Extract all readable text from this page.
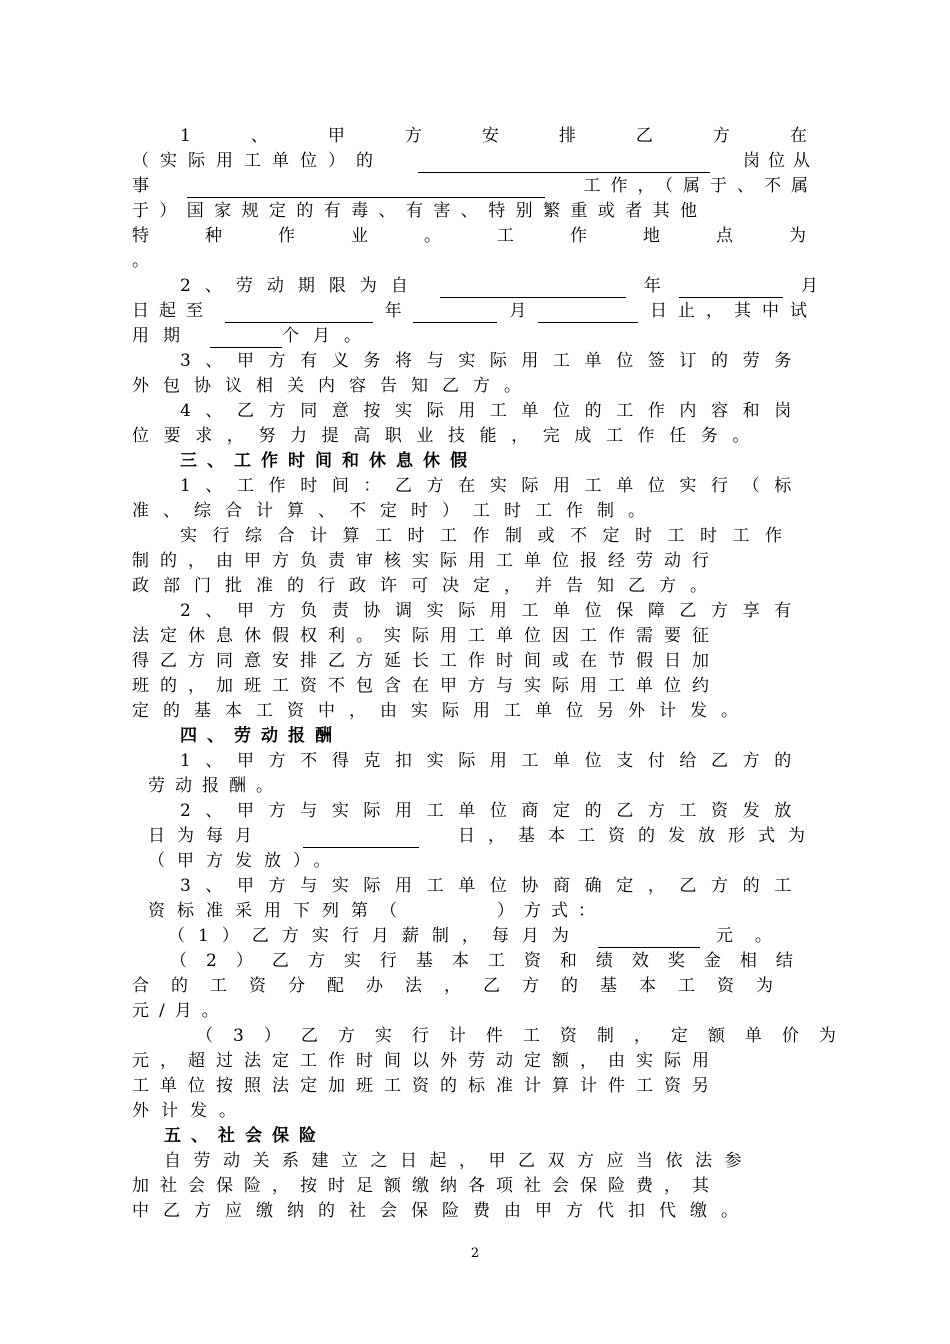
1、甲方安排乙方在
（实际用工单位）的	岗位从
事	工作，（属于、不属
于）国家规定的有毒、有害、特别繁重或者其他
特种作业。工作地点为
。
2、劳动期限为自	年	月
日起至	年	月	日止，其中试
用期	个月。
3、甲方有义务将与实际用工单位签订的劳务
外包协议相关内容告知乙方。
4、乙方同意按实际用工单位的工作内容和岗
位要求，努力提高职业技能，完成工作任务。
三、工作时间和休息休假
1、工作时间：乙方在实际用工单位实行（标
准、综合计算、不定时）工时工作制。
实行综合计算工时工作制或不定时工时工作
制的，由甲方负责审核实际用工单位报经劳动行
政部门批准的行政许可决定，并告知乙方。
2、甲方负责协调实际用工单位保障乙方享有
法定休息休假权利。实际用工单位因工作需要征
得乙方同意安排乙方延长工作时间或在节假日加
班的，加班工资不包含在甲方与实际用工单位约
定的基本工资中，由实际用工单位另外计发。
四、劳动报酬
1、甲方不得克扣实际用工单位支付给乙方的
劳动报酬。
2、甲方与实际用工单位商定的乙方工资发放
日为每月	日，基本工资的发放形式为
（甲方发放）。
3、甲方与实际用工单位协商确定，乙方的工
资标准采用下列第（	）方式：
（1）乙方实行月薪制，每月为	元。
（2）乙方实行基本工资和绩效奖金相结
合的工资分配办法，乙方的基本工资为
元/月。
（3）乙方实行计件工资制，定额单价为
元，超过法定工作时间以外劳动定额，由实际用
工单位按照法定加班工资的标准计算计件工资另
外计发。
五、社会保险
自劳动关系建立之日起，甲乙双方应当依法参
加社会保险，按时足额缴纳各项社会保险费，其
中乙方应缴纳的社会保险费由甲方代扣代缴。
2
